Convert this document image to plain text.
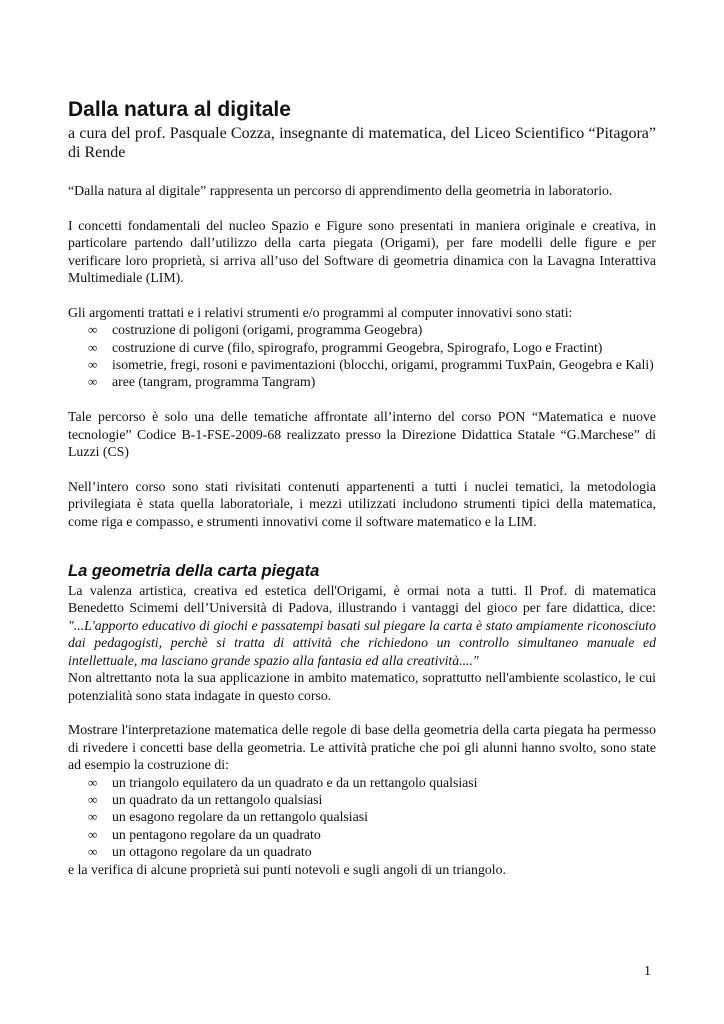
Dalla natura al digitale

a cura del prof. Pasquale Cozza, insegnante di matematica, del Liceo Scientifico “Pitagora” di Rende

“Dalla natura al digitale” rappresenta un percorso di apprendimento della geometria in laboratorio.

I concetti fondamentali del nucleo Spazio e Figure sono presentati in maniera originale e creativa, in particolare partendo dall’utilizzo della carta piegata (Origami), per fare modelli delle figure e per verificare loro proprietà, si arriva all’uso del Software di geometria dinamica con la Lavagna Interattiva Multimediale (LIM).

Gli argomenti trattati e i relativi strumenti e/o programmi al computer innovativi sono stati:

∞ costruzione di poligoni (origami, programma Geogebra)
∞ costruzione di curve (filo, spirografo, programmi Geogebra, Spirografo, Logo e Fractint)
∞ isometrie, fregi, rosoni e pavimentazioni (blocchi, origami, programmi TuxPain, Geogebra e Kali)
∞ aree (tangram, programma Tangram)

Tale percorso è solo una delle tematiche affrontate all’interno del corso PON “Matematica e nuove tecnologie” Codice B-1-FSE-2009-68 realizzato presso la Direzione Didattica Statale “G.Marchese” di Luzzi (CS)

Nell’intero corso sono stati rivisitati contenuti appartenenti a tutti i nuclei tematici, la metodologia privilegiata è stata quella laboratoriale, i mezzi utilizzati includono strumenti tipici della matematica, come riga e compasso, e strumenti innovativi come il software matematico e la LIM.

La geometria della carta piegata

La valenza artistica, creativa ed estetica dell'Origami, è ormai nota a tutti. Il Prof. di matematica Benedetto Scimemi dell’Università di Padova, illustrando i vantaggi del gioco per fare didattica, dice: "...L'apporto educativo di giochi e passatempi basati sul piegare la carta è stato ampiamente riconosciuto dai pedagogisti, perchè si tratta di attività che richiedono un controllo simultaneo manuale ed intellettuale, ma lasciano grande spazio alla fantasia ed alla creatività...."

Non altrettanto nota la sua applicazione in ambito matematico, soprattutto nell'ambiente scolastico, le cui potenzialità sono stata indagate in questo corso.

Mostrare l'interpretazione matematica delle regole di base della geometria della carta piegata ha permesso di rivedere i concetti base della geometria. Le attività pratiche che poi gli alunni hanno svolto, sono state ad esempio la costruzione di:

∞ un triangolo equilatero da un quadrato e da un rettangolo qualsiasi
∞ un quadrato da un rettangolo qualsiasi
∞ un esagono regolare da un rettangolo qualsiasi
∞ un pentagono regolare da un quadrato
∞ un ottagono regolare da un quadrato

e la verifica di alcune proprietà sui punti notevoli e sugli angoli di un triangolo.

1
